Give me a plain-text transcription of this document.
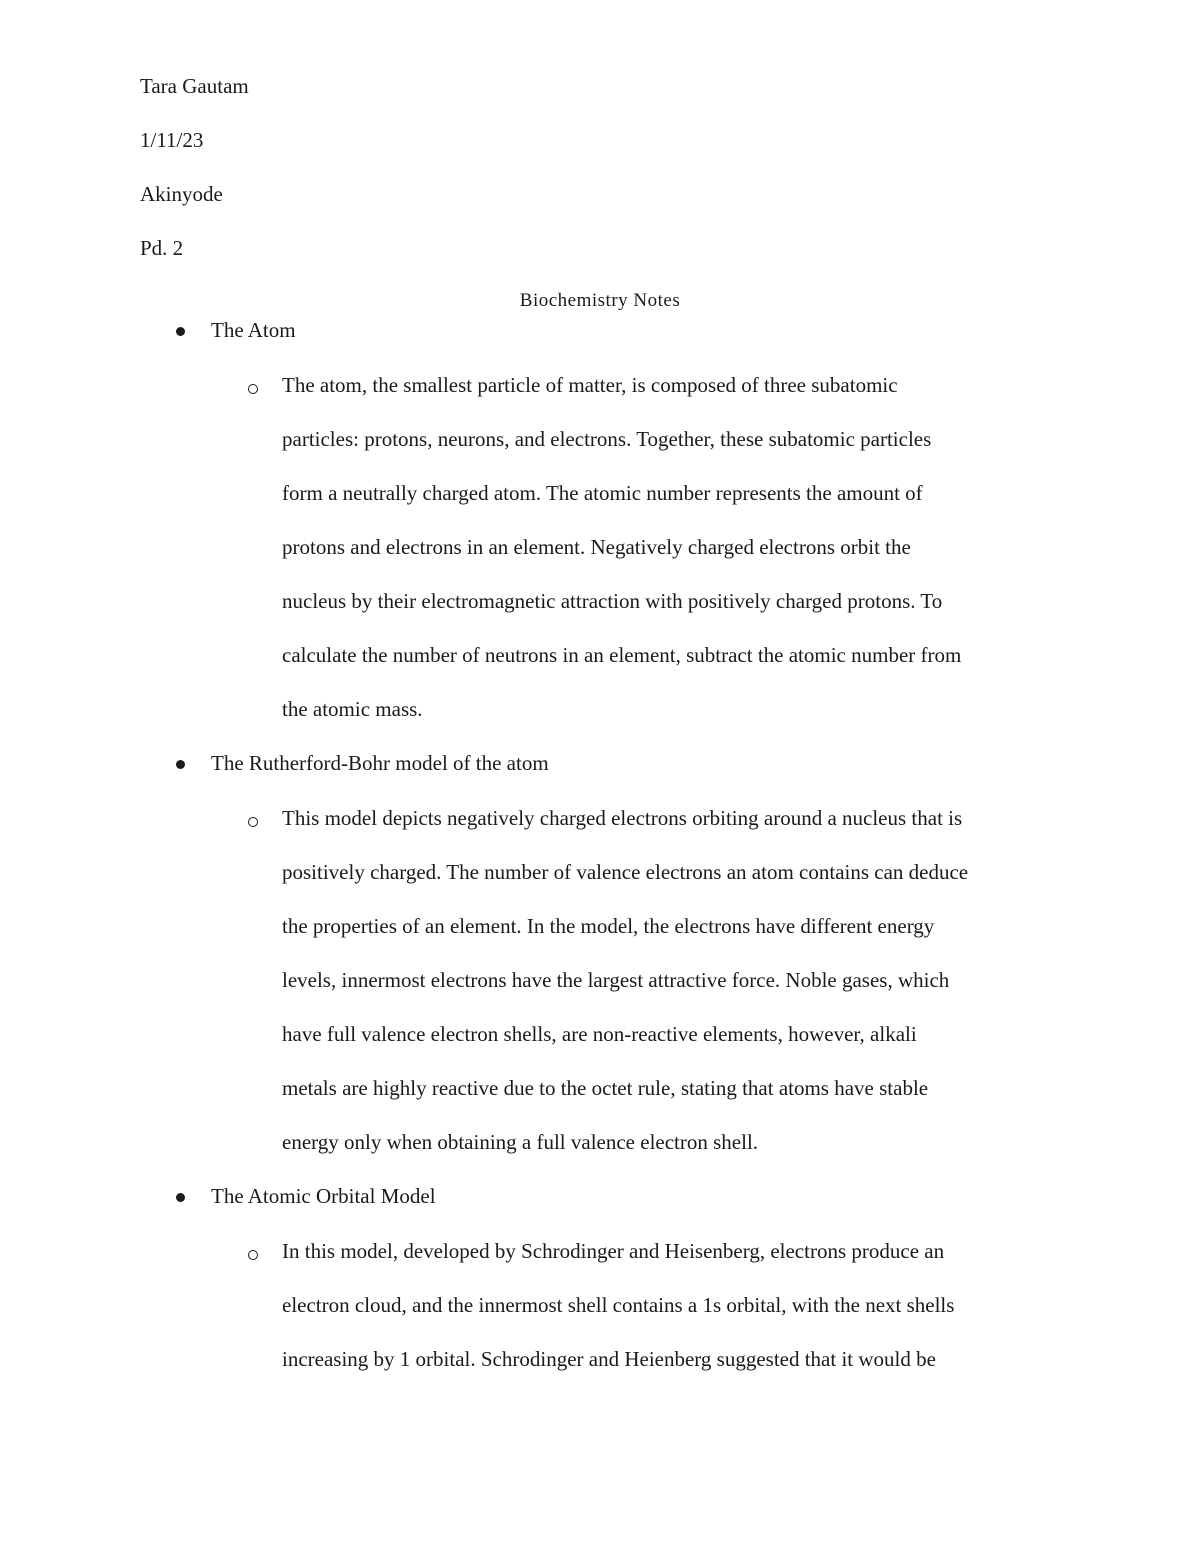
Tara Gautam
1/11/23
Akinyode
Pd. 2
Biochemistry Notes
The Atom
The atom, the smallest particle of matter, is composed of three subatomic
particles: protons, neurons, and electrons. Together, these subatomic particles
form a neutrally charged atom. The atomic number represents the amount of
protons and electrons in an element. Negatively charged electrons orbit the
nucleus by their electromagnetic attraction with positively charged protons. To
calculate the number of neutrons in an element, subtract the atomic number from
the atomic mass.
The Rutherford-Bohr model of the atom
This model depicts negatively charged electrons orbiting around a nucleus that is
positively charged. The number of valence electrons an atom contains can deduce
the properties of an element. In the model, the electrons have different energy
levels, innermost electrons have the largest attractive force. Noble gases, which
have full valence electron shells, are non-reactive elements, however, alkali
metals are highly reactive due to the octet rule, stating that atoms have stable
energy only when obtaining a full valence electron shell.
The Atomic Orbital Model
In this model, developed by Schrodinger and Heisenberg, electrons produce an
electron cloud, and the innermost shell contains a 1s orbital, with the next shells
increasing by 1 orbital. Schrodinger and Heienberg suggested that it would be
